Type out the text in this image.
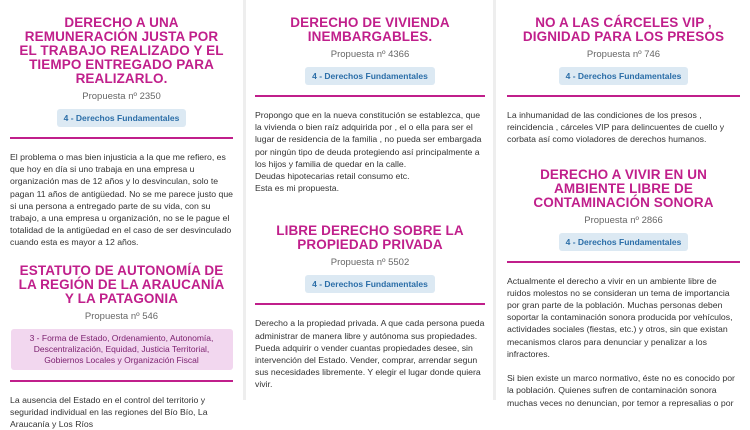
DERECHO A UNA REMUNERACIÓN JUSTA POR EL TRABAJO REALIZADO Y EL TIEMPO ENTREGADO PARA REALIZARLO.
Propuesta nº 2350
4 - Derechos Fundamentales
El problema o mas bien injusticia a la que me refiero, es que hoy en día si uno trabaja en una empresa u organización mas de 12 años y lo desvinculan, solo te pagan 11 años de antigüedad. No se me parece justo que si una persona a entregado parte de su vida, con su trabajo, a una empresa u organización, no se le pague el totalidad de la antigüedad en el caso de ser desvinculado cuando esta es mayor a 12 años.
ESTATUTO DE AUTONOMÍA DE LA REGIÓN DE LA ARAUCANÍA Y LA PATAGONIA
Propuesta nº 546
3 - Forma de Estado, Ordenamiento, Autonomía, Descentralización, Equidad, Justicia Territorial, Gobiernos Locales y Organización Fiscal
La ausencia del Estado en el control del territorio y seguridad individual en las regiones del Bío Bío, La Araucanía y Los Ríos
DERECHO DE VIVIENDA INEMBARGABLES.
Propuesta nº 4366
4 - Derechos Fundamentales
Propongo que en la nueva constitución se establezca, que la vivienda o bien raíz adquirida por , el o ella para ser el lugar de residencia de la familia , no pueda ser embargada por ningún tipo de deuda protegiendo así principalmente a los hijos y familia de quedar en la calle.
Deudas hipotecarias retail consumo etc.
Esta es mi propuesta.
LIBRE DERECHO SOBRE LA PROPIEDAD PRIVADA
Propuesta nº 5502
4 - Derechos Fundamentales
Derecho a la propiedad privada. A que cada persona pueda administrar de manera libre y autónoma sus propiedades. Pueda adquirir o vender cuantas propiedades desee, sin intervención del Estado. Vender, comprar, arrendar segun sus necesidades libremente. Y elegir el lugar donde quiera vivir.
NO A LAS CÁRCELES VIP , DIGNIDAD PARA LOS PRESOS
Propuesta nº 746
4 - Derechos Fundamentales
La inhumanidad de las condiciones de los presos , reincidencia , cárceles VIP para delincuentes de cuello y corbata así como violadores de derechos humanos.
DERECHO A VIVIR EN UN AMBIENTE LIBRE DE CONTAMINACIÓN SONORA
Propuesta nº 2866
4 - Derechos Fundamentales
Actualmente el derecho a vivir en un ambiente libre de ruidos molestos no se consideran un tema de importancia por gran parte de la población. Muchas personas deben soportar la contaminación sonora producida por vehículos, actividades sociales (fiestas, etc.) y otros, sin que existan mecanismos claros para denunciar y penalizar a los infractores.

Si bien existe un marco normativo, éste no es conocido por la población. Quienes sufren de contaminación sonora muchas veces no denuncian, por temor a represalias o por
